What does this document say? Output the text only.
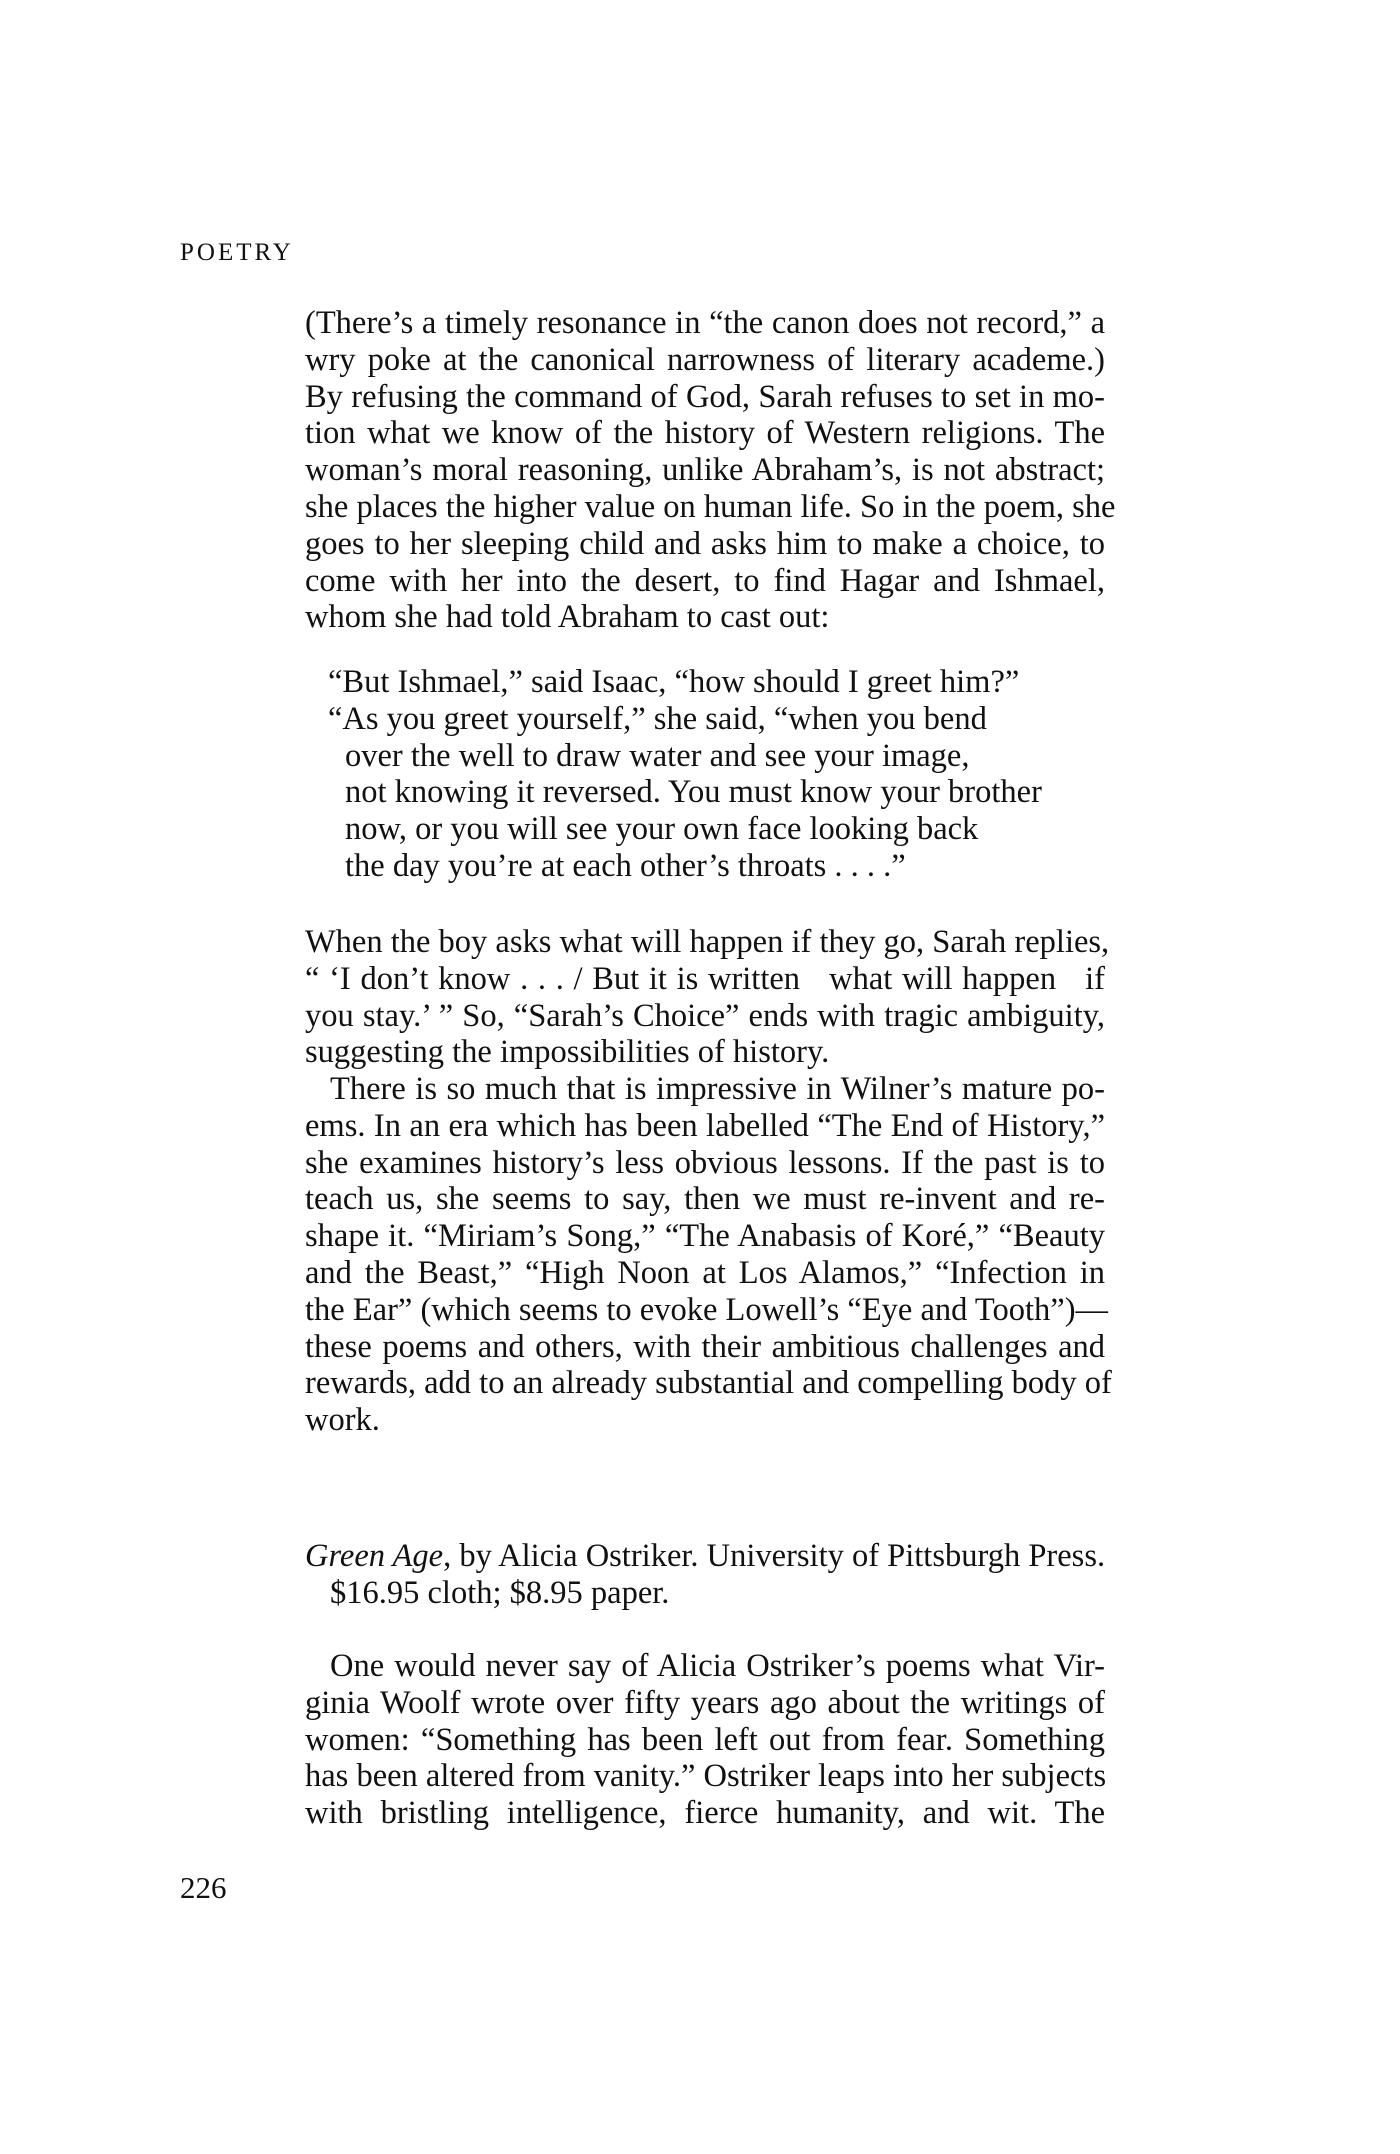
POETRY
(There’s a timely resonance in “the canon does not record,” a
wry poke at the canonical narrowness of literary academe.)
By refusing the command of God, Sarah refuses to set in mo-
tion what we know of the history of Western religions. The
woman’s moral reasoning, unlike Abraham’s, is not abstract;
she places the higher value on human life. So in the poem, she
goes to her sleeping child and asks him to make a choice, to
come with her into the desert, to find Hagar and Ishmael,
whom she had told Abraham to cast out:
“But Ishmael,” said Isaac, “how should I greet him?”
“As you greet yourself,” she said, “when you bend
over the well to draw water and see your image,
not knowing it reversed. You must know your brother
now, or you will see your own face looking back
the day you’re at each other’s throats . . . .”
When the boy asks what will happen if they go, Sarah replies,
“ ‘I don’t know . . . / But it is written   what will happen   if
you stay.’ ” So, “Sarah’s Choice” ends with tragic ambiguity,
suggesting the impossibilities of history.
There is so much that is impressive in Wilner’s mature po-
ems. In an era which has been labelled “The End of History,”
she examines history’s less obvious lessons. If the past is to
teach us, she seems to say, then we must re-invent and re-
shape it. “Miriam’s Song,” “The Anabasis of Koré,” “Beauty
and the Beast,” “High Noon at Los Alamos,” “Infection in
the Ear” (which seems to evoke Lowell’s “Eye and Tooth”)—
these poems and others, with their ambitious challenges and
rewards, add to an already substantial and compelling body of
work.
Green Age, by Alicia Ostriker. University of Pittsburgh Press.
$16.95 cloth; $8.95 paper.
One would never say of Alicia Ostriker’s poems what Vir-
ginia Woolf wrote over fifty years ago about the writings of
women: “Something has been left out from fear. Something
has been altered from vanity.” Ostriker leaps into her subjects
with bristling intelligence, fierce humanity, and wit. The
226
